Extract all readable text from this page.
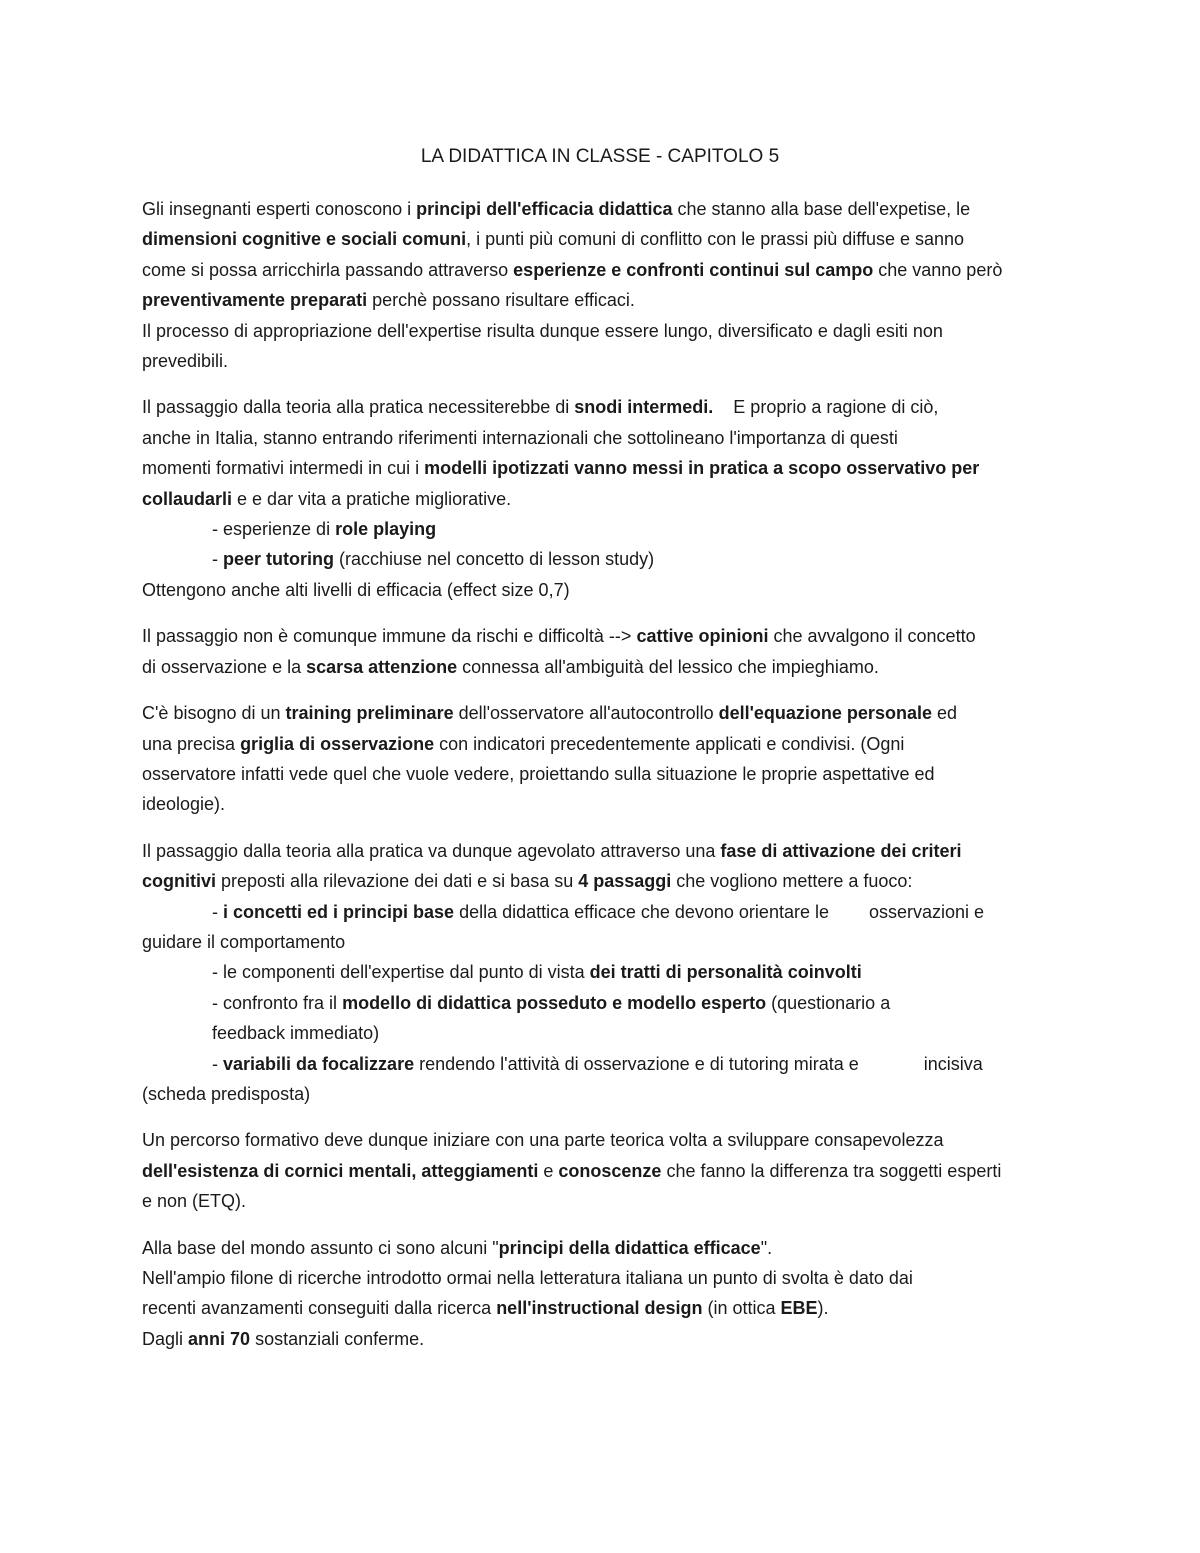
LA DIDATTICA IN CLASSE - CAPITOLO 5
Gli insegnanti esperti conoscono i principi dell'efficacia didattica che stanno alla base dell'expetise, le
dimensioni cognitive e sociali comuni, i punti più comuni di conflitto con le prassi più diffuse e sanno
come si possa arricchirla passando attraverso esperienze e confronti continui sul campo che vanno però
preventivamente preparati perchè possano risultare efficaci.
Il processo di appropriazione dell'expertise risulta dunque essere lungo, diversificato e dagli esiti non
prevedibili.
Il passaggio dalla teoria alla pratica necessiterebbe di snodi intermedi.    E proprio a ragione di ciò,
anche in Italia, stanno entrando riferimenti internazionali che sottolineano l'importanza di questi
momenti formativi intermedi in cui i modelli ipotizzati vanno messi in pratica a scopo osservativo per
collaudarli e e dar vita a pratiche migliorative.
- esperienze di role playing
- peer tutoring (racchiuse nel concetto di lesson study)
Ottengono anche alti livelli di efficacia (effect size 0,7)
Il passaggio non è comunque immune da rischi e difficoltà --> cattive opinioni che avvalgono il concetto
di osservazione e la scarsa attenzione connessa all'ambiguità del lessico che impieghiamo.
C'è bisogno di un training preliminare dell'osservatore all'autocontrollo dell'equazione personale ed
una precisa griglia di osservazione con indicatori precedentemente applicati e condivisi. (Ogni
osservatore infatti vede quel che vuole vedere, proiettando sulla situazione le proprie aspettative ed
ideologie).
Il passaggio dalla teoria alla pratica va dunque agevolato attraverso una fase di attivazione dei criteri
cognitivi preposti alla rilevazione dei dati e si basa su 4 passaggi che vogliono mettere a fuoco:
- i concetti ed i principi base della didattica efficace che devono orientare le        osservazioni e
guidare il comportamento
- le componenti dell'expertise dal punto di vista dei tratti di personalità coinvolti
- confronto fra il modello di didattica posseduto e modello esperto (questionario a
feedback immediato)
- variabili da focalizzare rendendo l'attività di osservazione e di tutoring mirata e             incisiva
(scheda predisposta)
Un percorso formativo deve dunque iniziare con una parte teorica volta a sviluppare consapevolezza
dell'esistenza di cornici mentali, atteggiamenti e conoscenze che fanno la differenza tra soggetti esperti
e non (ETQ).
Alla base del mondo assunto ci sono alcuni "principi della didattica efficace".
Nell'ampio filone di ricerche introdotto ormai nella letteratura italiana un punto di svolta è dato dai
recenti avanzamenti conseguiti dalla ricerca nell'instructional design (in ottica EBE).
Dagli anni 70 sostanziali conferme.
